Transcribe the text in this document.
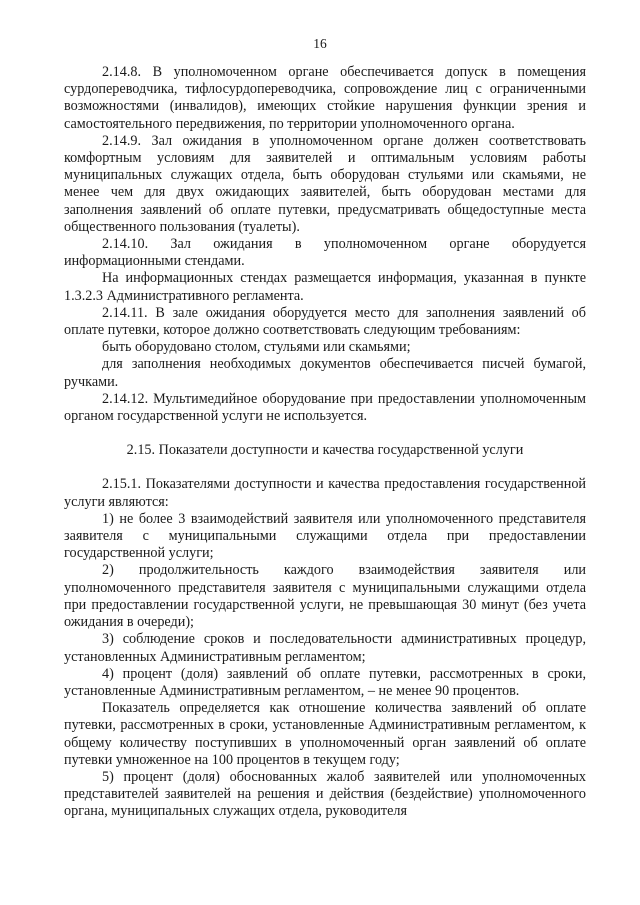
16

2.14.8. В уполномоченном органе обеспечивается допуск в помещения сурдопереводчика, тифлосурдопереводчика, сопровождение лиц с ограниченными возможностями (инвалидов), имеющих стойкие нарушения функции зрения и самостоятельного передвижения, по территории уполномоченного органа.

2.14.9. Зал ожидания в уполномоченном органе должен соответствовать комфортным условиям для заявителей и оптимальным условиям работы муниципальных служащих отдела, быть оборудован стульями или скамьями, не менее чем для двух ожидающих заявителей, быть оборудован местами для заполнения заявлений об оплате путевки, предусматривать общедоступные места общественного пользования (туалеты).

2.14.10. Зал ожидания в уполномоченном органе оборудуется информационными стендами.

На информационных стендах размещается информация, указанная в пункте 1.3.2.3 Административного регламента.

2.14.11. В зале ожидания оборудуется место для заполнения заявлений об оплате путевки, которое должно соответствовать следующим требованиям:

быть оборудовано столом, стульями или скамьями;

для заполнения необходимых документов обеспечивается писчей бумагой, ручками.

2.14.12. Мультимедийное оборудование при предоставлении уполномоченным органом государственной услуги не используется.

2.15. Показатели доступности и качества государственной услуги

2.15.1. Показателями доступности и качества предоставления государственной услуги являются:

1) не более 3 взаимодействий заявителя или уполномоченного представителя заявителя с муниципальными служащими отдела при предоставлении государственной услуги;

2) продолжительность каждого взаимодействия заявителя или уполномоченного представителя заявителя с муниципальными служащими отдела при предоставлении государственной услуги, не превышающая 30 минут (без учета ожидания в очереди);

3) соблюдение сроков и последовательности административных процедур, установленных Административным регламентом;

4) процент (доля) заявлений об оплате путевки, рассмотренных в сроки, установленные Административным регламентом, – не менее 90 процентов.

Показатель определяется как отношение количества заявлений об оплате путевки, рассмотренных в сроки, установленные Административным регламентом, к общему количеству поступивших в уполномоченный орган заявлений об оплате путевки умноженное на 100 процентов в текущем году;

5) процент (доля) обоснованных жалоб заявителей или уполномоченных представителей заявителей на решения и действия (бездействие) уполномоченного органа, муниципальных служащих отдела, руководителя
